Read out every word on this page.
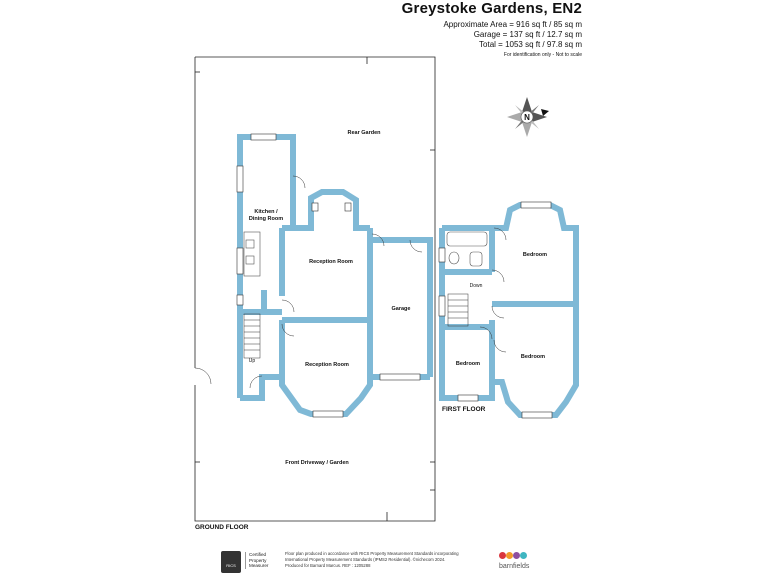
Greystoke Gardens, EN2
Approximate Area = 916 sq ft / 85 sq m
Garage = 137 sq ft / 12.7 sq m
Total = 1053 sq ft / 97.8 sq m
For identification only - Not to scale
N
Rear Garden
Kitchen /
Dining Room
Reception Room
Reception Room
Garage
Front Driveway / Garden
Up
Down
Bedroom
Bedroom
Bedroom
GROUND FLOOR
FIRST FLOOR
RICS
Certified
Property
Measurer
Floor plan produced in accordance with RICS Property Measurement Standards incorporating
International Property Measurement Standards (IPMS2 Residential). ©nichecom 2024.
Produced for Barnard Marcus. REF : 1205288	barnfields
